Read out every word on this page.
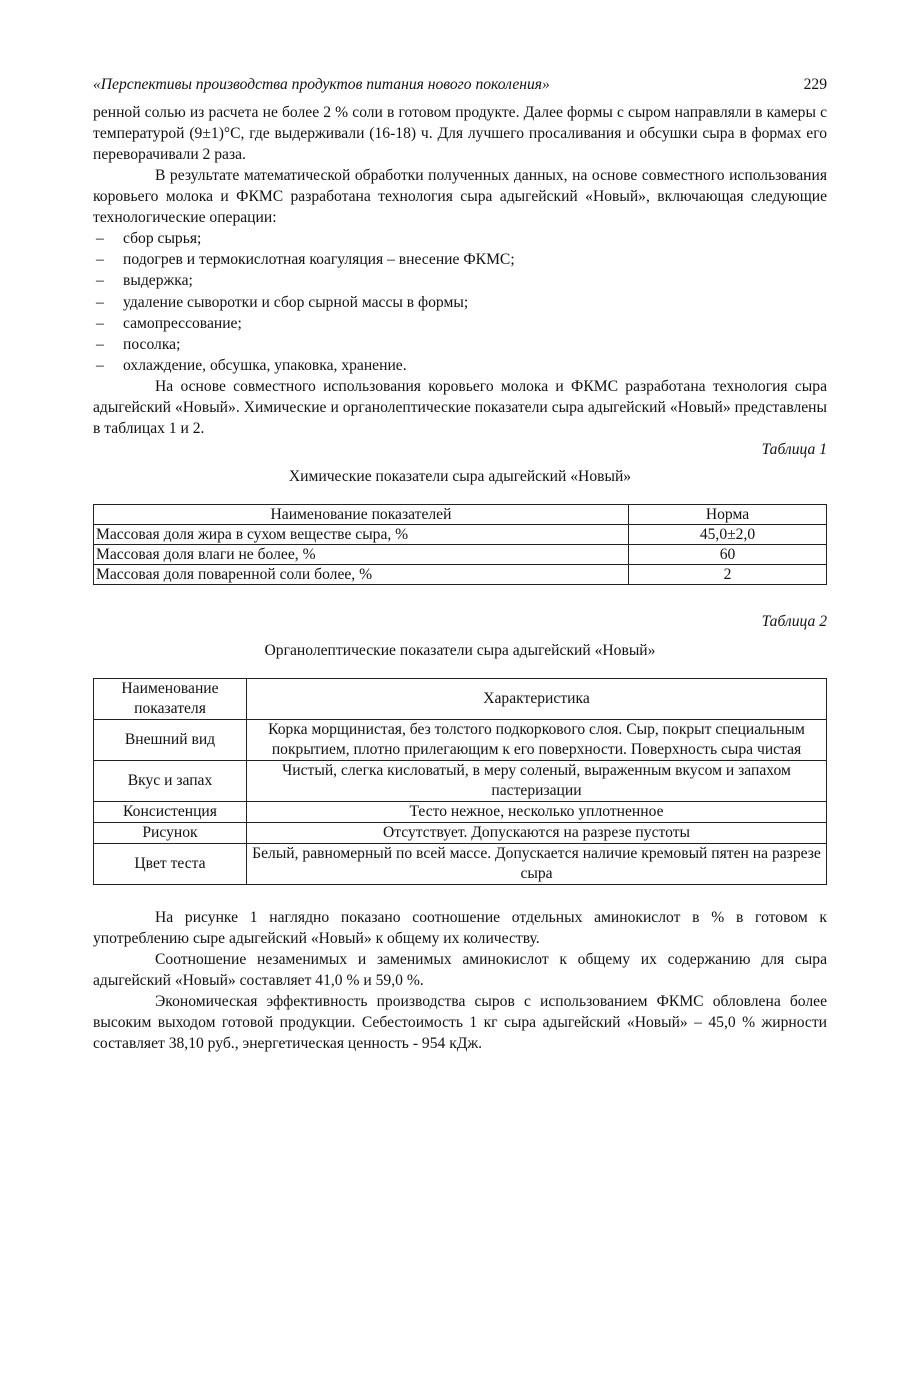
«Перспективы производства продуктов питания нового поколения»	229

ренной солью из расчета не более 2 % соли в готовом продукте. Далее формы с сыром направляли в камеры с температурой (9±1)°С, где выдерживали (16-18) ч. Для лучшего просаливания и обсушки сыра в формах его переворачивали 2 раза.

В результате математической обработки полученных данных, на основе совместного использования коровьего молока и ФКМС разработана технология сыра адыгейский «Новый», включающая следующие технологические операции:

– сбор сырья;
– подогрев и термокислотная коагуляция – внесение ФКМС;
– выдержка;
– удаление сыворотки и сбор сырной массы в формы;
– самопрессование;
– посолка;
– охлаждение, обсушка, упаковка, хранение.

На основе совместного использования коровьего молока и ФКМС разработана технология сыра адыгейский «Новый». Химические и органолептические показатели сыра адыгейский «Новый» представлены в таблицах 1 и 2.

Таблица 1

Химические показатели сыра адыгейский «Новый»

Наименование показателей	Норма
Массовая доля жира в сухом веществе сыра, %	45,0±2,0
Массовая доля влаги не более, %	60
Массовая доля поваренной соли более, %	2

Таблица 2

Органолептические показатели сыра адыгейский «Новый»

Наименование показателя	Характеристика
Внешний вид	Корка морщинистая, без толстого подкоркового слоя. Сыр, покрыт специальным покрытием, плотно прилегающим к его поверхности. Поверхность сыра чистая
Вкус и запах	Чистый, слегка кисловатый, в меру соленый, выраженным вкусом и запахом пастеризации
Консистенция	Тесто нежное, несколько уплотненное
Рисунок	Отсутствует. Допускаются на разрезе пустоты
Цвет теста	Белый, равномерный по всей массе. Допускается наличие кремовый пятен на разрезе сыра

На рисунке 1 наглядно показано соотношение отдельных аминокислот в % в готовом к употреблению сыре адыгейский «Новый» к общему их количеству.

Соотношение незаменимых и заменимых аминокислот к общему их содержанию для сыра адыгейский «Новый» составляет 41,0 % и 59,0 %.

Экономическая эффективность производства сыров с использованием ФКМС обловлена более высоким выходом готовой продукции. Себестоимость 1 кг сыра адыгейский «Новый» – 45,0 % жирности составляет 38,10 руб., энергетическая ценность - 954 кДж.
